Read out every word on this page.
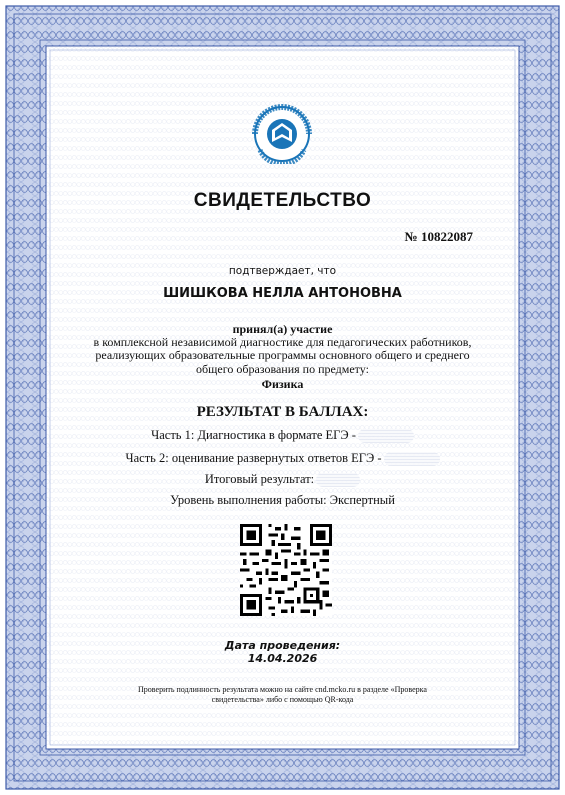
СВИДЕТЕЛЬСТВО
№ 10822087
подтверждает, что
ШИШКОВА НЕЛЛА АНТОНОВНА
принял(а) участие
в комплексной независимой диагностике для педагогических работников, реализующих образовательные программы основного общего и среднего общего образования по предмету:
Физика
РЕЗУЛЬТАТ В БАЛЛАХ:
Часть 1: Диагностика в формате ЕГЭ -
Часть 2: оценивание развернутых ответов ЕГЭ -
Итоговый результат:
Уровень выполнения работы: Экспертный
Дата проведения:
14.04.2026
Проверить подлинность результата можно на сайте cnd.mcko.ru в разделе «Проверка свидетельства» либо с помощью QR-кода
